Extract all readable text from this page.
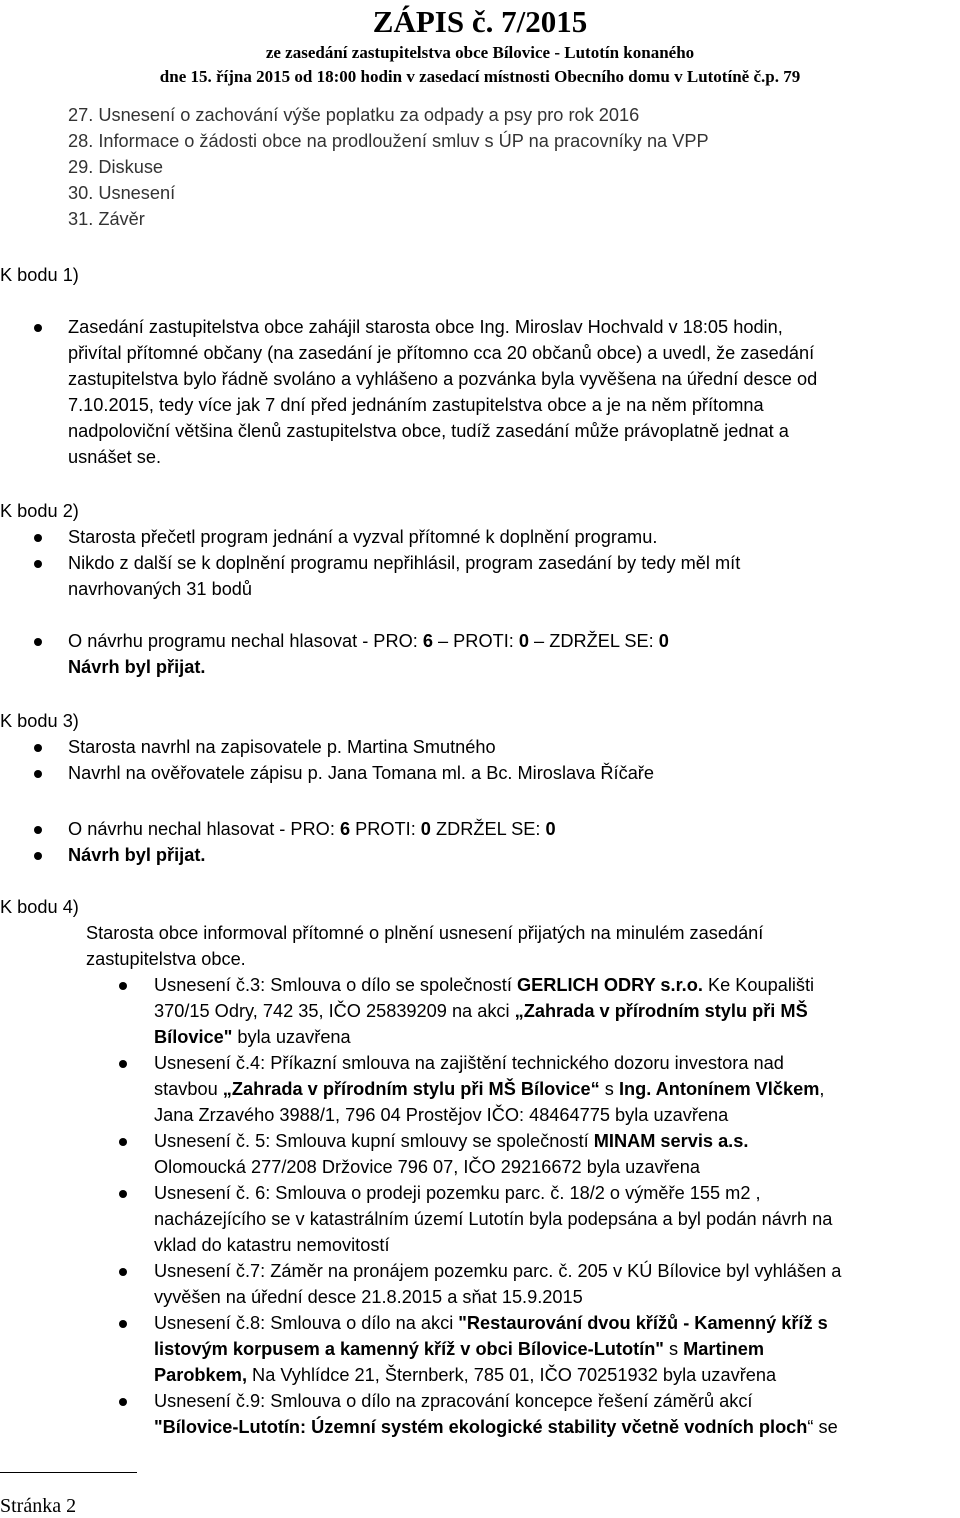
ZÁPIS č. 7/2015
ze zasedání zastupitelstva obce Bílovice - Lutotín konaného
dne 15. října 2015 od 18:00 hodin v zasedací místnosti Obecního domu v Lutotíně č.p. 79
27. Usnesení o zachování výše poplatku za odpady a psy pro rok 2016
28. Informace o žádosti obce na prodloužení smluv s ÚP na pracovníky na VPP
29. Diskuse
30. Usnesení
31. Závěr
K bodu 1)
Zasedání zastupitelstva obce zahájil starosta obce Ing. Miroslav Hochvald v 18:05 hodin,
přivítal přítomné občany (na zasedání je přítomno cca 20 občanů obce) a uvedl, že zasedání
zastupitelstva bylo řádně svoláno a vyhlášeno a pozvánka byla vyvěšena na úřední desce od
7.10.2015, tedy více jak 7 dní před jednáním zastupitelstva obce a je na něm přítomna
nadpoloviční většina členů zastupitelstva obce, tudíž zasedání může právoplatně jednat a
usnášet se.
K bodu 2)
Starosta přečetl program jednání a vyzval přítomné k doplnění programu.
Nikdo z další se k doplnění programu nepřihlásil, program zasedání by tedy měl mít
navrhovaných 31 bodů
O návrhu programu nechal hlasovat - PRO: 6 – PROTI: 0 – ZDRŽEL SE: 0
Návrh byl přijat.
K bodu 3)
Starosta navrhl na zapisovatele p. Martina Smutného
Navrhl na ověřovatele zápisu p. Jana Tomana ml. a Bc. Miroslava Říčaře
O návrhu nechal hlasovat - PRO: 6 PROTI: 0 ZDRŽEL SE: 0
Návrh byl přijat.
K bodu 4)
Starosta obce informoval přítomné o plnění usnesení přijatých na minulém zasedání
zastupitelstva obce.
Usnesení č.3: Smlouva o dílo se společností GERLICH ODRY s.r.o. Ke Koupališti
370/15 Odry, 742 35, IČO 25839209 na akci „Zahrada v přírodním stylu při MŠ
Bílovice" byla uzavřena
Usnesení č.4: Příkazní smlouva na zajištění technického dozoru investora nad
stavbou „Zahrada v přírodním stylu při MŠ Bílovice“ s Ing. Antonínem Vlčkem,
Jana Zrzavého 3988/1, 796 04 Prostějov IČO: 48464775 byla uzavřena
Usnesení č. 5: Smlouva kupní smlouvy se společností MINAM servis a.s.
Olomoucká 277/208 Držovice 796 07, IČO 29216672 byla uzavřena
Usnesení č. 6: Smlouva o prodeji pozemku parc. č. 18/2 o výměře 155 m2 ,
nacházejícího se v katastrálním území Lutotín byla podepsána a byl podán návrh na
vklad do katastru nemovitostí
Usnesení č.7: Záměr na pronájem pozemku parc. č. 205 v KÚ Bílovice byl vyhlášen a
vyvěšen na úřední desce 21.8.2015 a sňat 15.9.2015
Usnesení č.8: Smlouva o dílo na akci "Restaurování dvou křížů - Kamenný kříž s
listovým korpusem a kamenný kříž v obci Bílovice-Lutotín" s Martinem
Parobkem, Na Vyhlídce 21, Šternberk, 785 01, IČO 70251932 byla uzavřena
Usnesení č.9: Smlouva o dílo na zpracování koncepce řešení záměrů akcí
"Bílovice-Lutotín: Územní systém ekologické stability včetně vodních ploch“ se
Stránka 2
